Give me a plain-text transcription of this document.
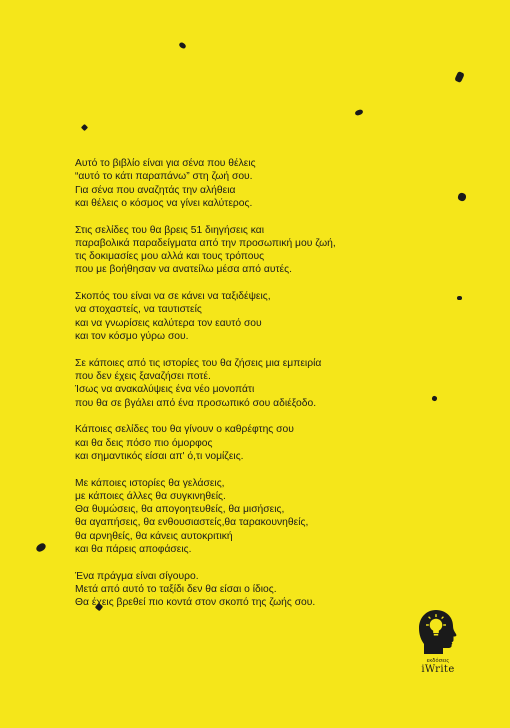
Αυτό το βιβλίο είναι για σένα που θέλεις
“αυτό το κάτι παραπάνω” στη ζωή σου.
Για σένα που αναζητάς την αλήθεια
και θέλεις ο κόσμος να γίνει καλύτερος.

Στις σελίδες του θα βρεις 51 διηγήσεις και
παραβολικά παραδείγματα από την προσωπική μου ζωή,
τις δοκιμασίες μου αλλά και τους τρόπους
που με βοήθησαν να ανατείλω μέσα από αυτές.

Σκοπός του είναι να σε κάνει να ταξιδέψεις,
να στοχαστείς, να ταυτιστείς
και να γνωρίσεις καλύτερα τον εαυτό σου
και τον κόσμο γύρω σου.

Σε κάποιες από τις ιστορίες του θα ζήσεις μια εμπειρία
που δεν έχεις ξαναζήσει ποτέ.
Ίσως να ανακαλύψεις ένα νέο μονοπάτι
που θα σε βγάλει από ένα προσωπικό σου αδιέξοδο.

Κάποιες σελίδες του θα γίνουν ο καθρέφτης σου
και θα δεις πόσο πιο όμορφος
και σημαντικός είσαι απ' ό,τι νομίζεις.

Με κάποιες ιστορίες θα γελάσεις,
με κάποιες άλλες θα συγκινηθείς.
Θα θυμώσεις, θα απογοητευθείς, θα μισήσεις,
θα αγαπήσεις, θα ενθουσιαστείς,θα ταρακουνηθείς,
θα αρνηθείς, θα κάνεις αυτοκριτική
και θα πάρεις αποφάσεις.

Ένα πράγμα είναι σίγουρο.
Μετά από αυτό το ταξίδι δεν θα είσαι ο ίδιος.
Θα έχεις βρεθεί πιο κοντά στον σκοπό της ζωής σου.

εκδόσεις
iWrite
